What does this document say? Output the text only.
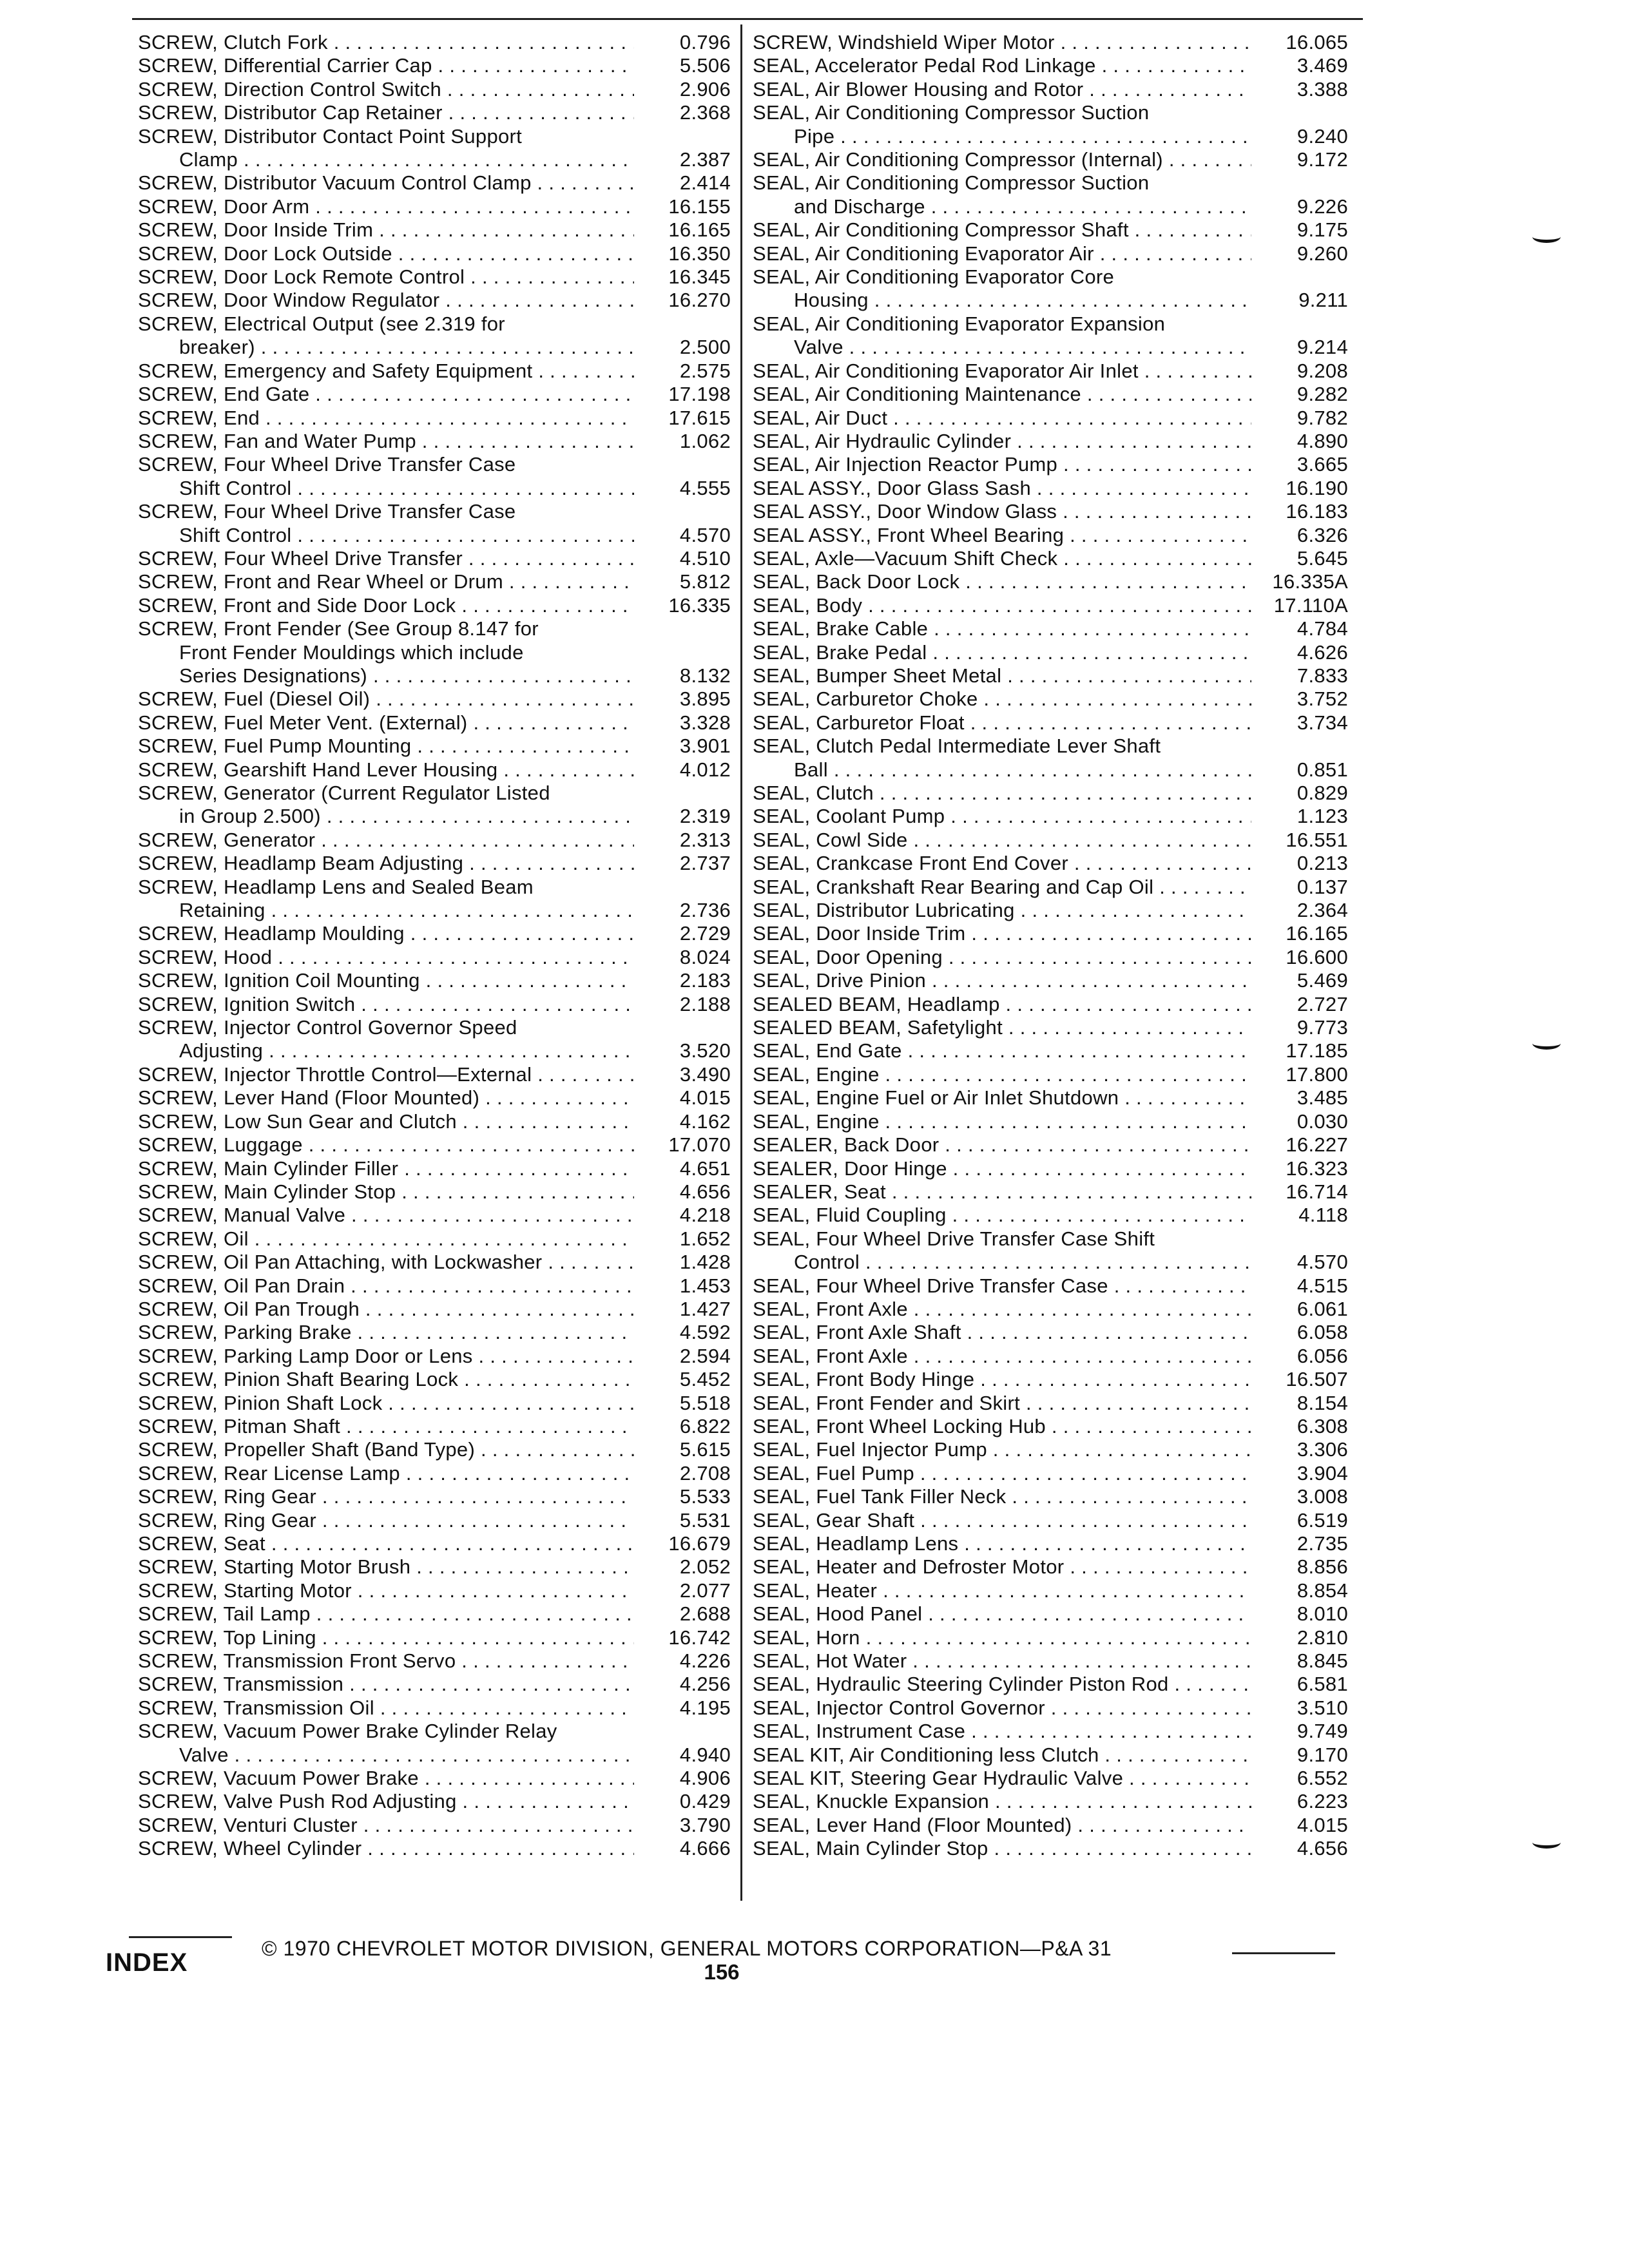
SCREW, Clutch Fork . . .	0.796
SCREW, Differential Carrier Cap . . .	5.506
SCREW, Direction Control Switch . . .	2.906
SCREW, Distributor Cap Retainer . . .	2.368
SCREW, Distributor Contact Point Support
Clamp . . .	2.387
SCREW, Distributor Vacuum Control Clamp . . .	2.414
SCREW, Door Arm . . .	16.155
SCREW, Door Inside Trim . . .	16.165
SCREW, Door Lock Outside . . .	16.350
SCREW, Door Lock Remote Control . . .	16.345
SCREW, Door Window Regulator . . .	16.270
SCREW, Electrical Output (see 2.319 for
breaker) . . .	2.500
SCREW, Emergency and Safety Equipment . . .	2.575
SCREW, End Gate . . .	17.198
SCREW, End . . .	17.615
SCREW, Fan and Water Pump . . .	1.062
SCREW, Four Wheel Drive Transfer Case
Shift Control . . .	4.555
SCREW, Four Wheel Drive Transfer Case
Shift Control . . .	4.570
SCREW, Four Wheel Drive Transfer . . .	4.510
SCREW, Front and Rear Wheel or Drum . . .	5.812
SCREW, Front and Side Door Lock . . .	16.335
SCREW, Front Fender (See Group 8.147 for
Front Fender Mouldings which include
Series Designations) . . .	8.132
SCREW, Fuel (Diesel Oil) . . .	3.895
SCREW, Fuel Meter Vent. (External) . . .	3.328
SCREW, Fuel Pump Mounting . . .	3.901
SCREW, Gearshift Hand Lever Housing . . .	4.012
SCREW, Generator (Current Regulator Listed
in Group 2.500) . . .	2.319
SCREW, Generator . . .	2.313
SCREW, Headlamp Beam Adjusting . . .	2.737
SCREW, Headlamp Lens and Sealed Beam
Retaining . . .	2.736
SCREW, Headlamp Moulding . . .	2.729
SCREW, Hood . . .	8.024
SCREW, Ignition Coil Mounting . . .	2.183
SCREW, Ignition Switch . . .	2.188
SCREW, Injector Control Governor Speed
Adjusting . . .	3.520
SCREW, Injector Throttle Control—External . . .	3.490
SCREW, Lever Hand (Floor Mounted) . . .	4.015
SCREW, Low Sun Gear and Clutch . . .	4.162
SCREW, Luggage . . .	17.070
SCREW, Main Cylinder Filler . . .	4.651
SCREW, Main Cylinder Stop . . .	4.656
SCREW, Manual Valve . . .	4.218
SCREW, Oil . . .	1.652
SCREW, Oil Pan Attaching, with Lockwasher . . .	1.428
SCREW, Oil Pan Drain . . .	1.453
SCREW, Oil Pan Trough . . .	1.427
SCREW, Parking Brake . . .	4.592
SCREW, Parking Lamp Door or Lens . . .	2.594
SCREW, Pinion Shaft Bearing Lock . . .	5.452
SCREW, Pinion Shaft Lock . . .	5.518
SCREW, Pitman Shaft . . .	6.822
SCREW, Propeller Shaft (Band Type) . . .	5.615
SCREW, Rear License Lamp . . .	2.708
SCREW, Ring Gear . . .	5.533
SCREW, Ring Gear . . .	5.531
SCREW, Seat . . .	16.679
SCREW, Starting Motor Brush . . .	2.052
SCREW, Starting Motor . . .	2.077
SCREW, Tail Lamp . . .	2.688
SCREW, Top Lining . . .	16.742
SCREW, Transmission Front Servo . . .	4.226
SCREW, Transmission . . .	4.256
SCREW, Transmission Oil . . .	4.195
SCREW, Vacuum Power Brake Cylinder Relay
Valve . . .	4.940
SCREW, Vacuum Power Brake . . .	4.906
SCREW, Valve Push Rod Adjusting . . .	0.429
SCREW, Venturi Cluster . . .	3.790
SCREW, Wheel Cylinder . . .	4.666
SCREW, Windshield Wiper Motor . . .	16.065
SEAL, Accelerator Pedal Rod Linkage . . .	3.469
SEAL, Air Blower Housing and Rotor . . .	3.388
SEAL, Air Conditioning Compressor Suction
Pipe . . .	9.240
SEAL, Air Conditioning Compressor (Internal) . . .	9.172
SEAL, Air Conditioning Compressor Suction
and Discharge . . .	9.226
SEAL, Air Conditioning Compressor Shaft . . .	9.175
SEAL, Air Conditioning Evaporator Air . . .	9.260
SEAL, Air Conditioning Evaporator Core
Housing . . .	9.211
SEAL, Air Conditioning Evaporator Expansion
Valve . . .	9.214
SEAL, Air Conditioning Evaporator Air Inlet . . .	9.208
SEAL, Air Conditioning Maintenance . . .	9.282
SEAL, Air Duct . . .	9.782
SEAL, Air Hydraulic Cylinder . . .	4.890
SEAL, Air Injection Reactor Pump . . .	3.665
SEAL ASSY., Door Glass Sash . . .	16.190
SEAL ASSY., Door Window Glass . . .	16.183
SEAL ASSY., Front Wheel Bearing . . .	6.326
SEAL, Axle—Vacuum Shift Check . . .	5.645
SEAL, Back Door Lock . . .	16.335A
SEAL, Body . . .	17.110A
SEAL, Brake Cable . . .	4.784
SEAL, Brake Pedal . . .	4.626
SEAL, Bumper Sheet Metal . . .	7.833
SEAL, Carburetor Choke . . .	3.752
SEAL, Carburetor Float . . .	3.734
SEAL, Clutch Pedal Intermediate Lever Shaft
Ball . . .	0.851
SEAL, Clutch . . .	0.829
SEAL, Coolant Pump . . .	1.123
SEAL, Cowl Side . . .	16.551
SEAL, Crankcase Front End Cover . . .	0.213
SEAL, Crankshaft Rear Bearing and Cap Oil . . .	0.137
SEAL, Distributor Lubricating . . .	2.364
SEAL, Door Inside Trim . . .	16.165
SEAL, Door Opening . . .	16.600
SEAL, Drive Pinion . . .	5.469
SEALED BEAM, Headlamp . . .	2.727
SEALED BEAM, Safetylight . . .	9.773
SEAL, End Gate . . .	17.185
SEAL, Engine . . .	17.800
SEAL, Engine Fuel or Air Inlet Shutdown . . .	3.485
SEAL, Engine . . .	0.030
SEALER, Back Door . . .	16.227
SEALER, Door Hinge . . .	16.323
SEALER, Seat . . .	16.714
SEAL, Fluid Coupling . . .	4.118
SEAL, Four Wheel Drive Transfer Case Shift
Control . . .	4.570
SEAL, Four Wheel Drive Transfer Case . . .	4.515
SEAL, Front Axle . . .	6.061
SEAL, Front Axle Shaft . . .	6.058
SEAL, Front Axle . . .	6.056
SEAL, Front Body Hinge . . .	16.507
SEAL, Front Fender and Skirt . . .	8.154
SEAL, Front Wheel Locking Hub . . .	6.308
SEAL, Fuel Injector Pump . . .	3.306
SEAL, Fuel Pump . . .	3.904
SEAL, Fuel Tank Filler Neck . . .	3.008
SEAL, Gear Shaft . . .	6.519
SEAL, Headlamp Lens . . .	2.735
SEAL, Heater and Defroster Motor . . .	8.856
SEAL, Heater . . .	8.854
SEAL, Hood Panel . . .	8.010
SEAL, Horn . . .	2.810
SEAL, Hot Water . . .	8.845
SEAL, Hydraulic Steering Cylinder Piston Rod . . .	6.581
SEAL, Injector Control Governor . . .	3.510
SEAL, Instrument Case . . .	9.749
SEAL KIT, Air Conditioning less Clutch . . .	9.170
SEAL KIT, Steering Gear Hydraulic Valve . . .	6.552
SEAL, Knuckle Expansion . . .	6.223
SEAL, Lever Hand (Floor Mounted) . . .	4.015
SEAL, Main Cylinder Stop . . .	4.656
INDEX	© 1970 CHEVROLET MOTOR DIVISION, GENERAL MOTORS CORPORATION—P&A 31
156
